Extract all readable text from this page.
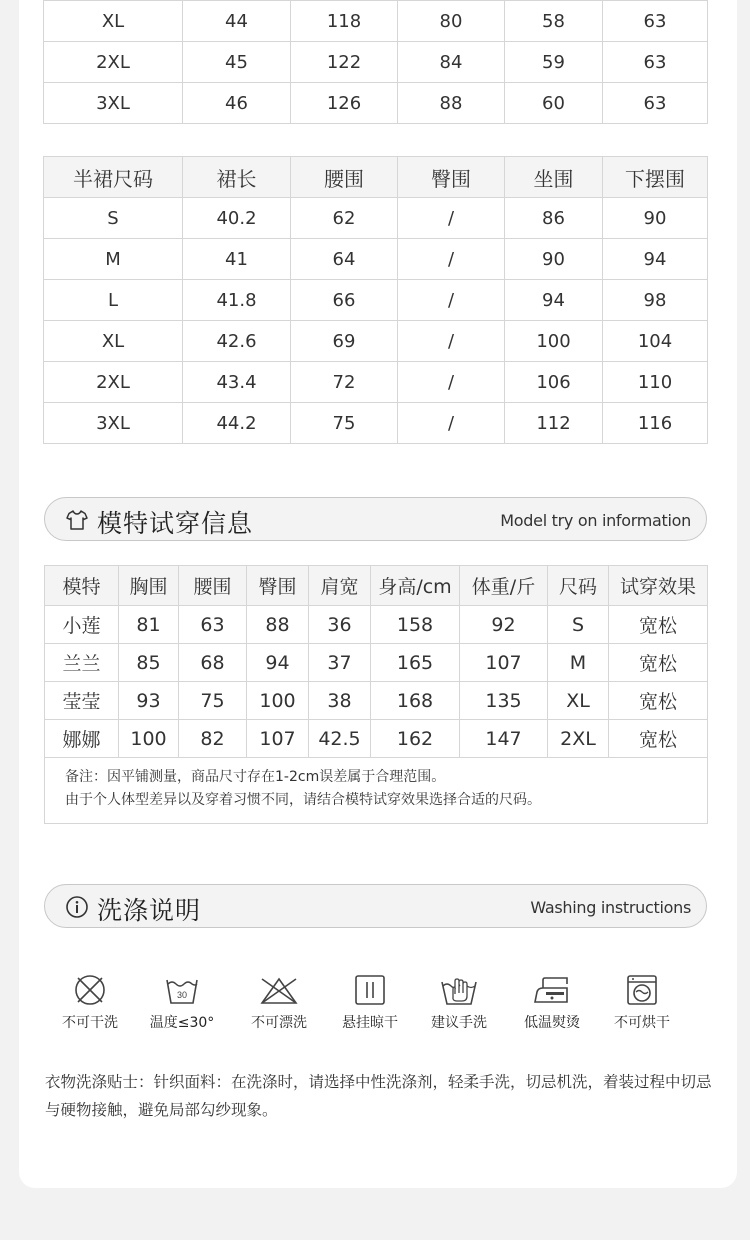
XL	44	118	80	58	63
2XL	45	122	84	59	63
3XL	46	126	88	60	63
半裙尺码	裙长	腰围	臀围	坐围	下摆围
S	40.2	62	/	86	90
M	41	64	/	90	94
L	41.8	66	/	94	98
XL	42.6	69	/	100	104
2XL	43.4	72	/	106	110
3XL	44.2	75	/	112	116
模特试穿信息	Model try on information
模特	胸围	腰围	臀围	肩宽	身高/cm	体重/斤	尺码	试穿效果
小莲	81	63	88	36	158	92	S	宽松
兰兰	85	68	94	37	165	107	M	宽松
莹莹	93	75	100	38	168	135	XL	宽松
娜娜	100	82	107	42.5	162	147	2XL	宽松

备注：因平铺测量，商品尺寸存在1-2cm误差属于合理范围。
由于个人体型差异以及穿着习惯不同，请结合模特试穿效果选择合适的尺码。								
洗涤说明	Washing instructions
不可干洗
30
温度≤30°	不可漂洗	悬挂晾干	建议手洗	低温熨烫	不可烘干
衣物洗涤贴士：针织面料：在洗涤时，请选择中性洗涤剂，轻柔手洗，切忌机洗，着装过程中切忌与硬物接触，避免局部勾纱现象。
